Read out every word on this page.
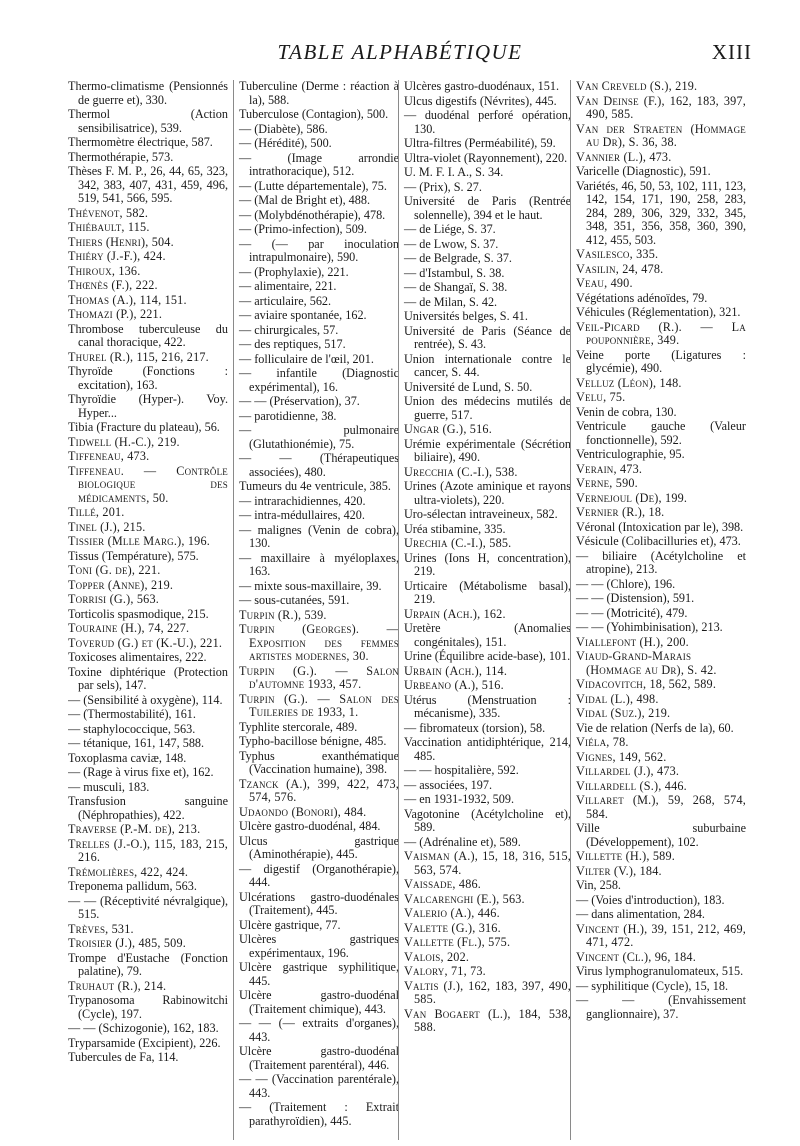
TABLE ALPHABÉTIQUE	XIII
Thermo-climatisme (Pensionnés de guerre et), 330.
Thermol (Action sensibilisatrice), 539.
Thermomètre électrique, 587.
Thermothérapie, 573.
Thèses F. M. P., 26, 44, 65, 323, 342, 383, 407, 431, 459, 496, 519, 541, 566, 595.
Thévenot, 582.
Thiébault, 115.
Thiers (Henri), 504.
Thiéry (J.-F.), 424.
Thiroux, 136.
Thœnès (F.), 222.
Thomas (A.), 114, 151.
Thomazi (P.), 221.
Thrombose tuberculeuse du canal thoracique, 422.
Thurel (R.), 115, 216, 217.
Thyroïde (Fonctions : excitation), 163.
Thyroïdie (Hyper-). Voy. Hyper...
Tibia (Fracture du plateau), 56.
Tidwell (H.-C.), 219.
Tiffeneau, 473.
Tiffeneau. — Contrôle biologique des médicaments, 50.
Tillé, 201.
Tinel (J.), 215.
Tissier (Mlle Marg.), 196.
Tissus (Température), 575.
Toni (G. de), 221.
Topper (Anne), 219.
Torrisi (G.), 563.
Torticolis spasmodique, 215.
Touraine (H.), 74, 227.
Toverud (G.) et (K.-U.), 221.
Toxicoses alimentaires, 222.
Toxine diphtérique (Protection par sels), 147.
— (Sensibilité à oxygène), 114.
— (Thermostabilité), 161.
— staphylococcique, 563.
— tétanique, 161, 147, 588.
Toxoplasma caviæ, 148.
— (Rage à virus fixe et), 162.
— musculi, 183.
Transfusion sanguine (Néphropathies), 422.
Traverse (P.-M. de), 213.
Trelles (J.-O.), 115, 183, 215, 216.
Trémolières, 422, 424.
Treponema pallidum, 563.
— — (Réceptivité névralgique), 515.
Trèves, 531.
Troisier (J.), 485, 509.
Trompe d'Eustache (Fonction palatine), 79.
Truhaut (R.), 214.
Trypanosoma Rabinowitchi (Cycle), 197.
— — (Schizogonie), 162, 183.
Tryparsamide (Excipient), 226.
Tubercules de Fa, 114.
Tuberculine (Derme : réaction à la), 588.
Tuberculose (Contagion), 500.
— (Diabète), 586.
— (Hérédité), 500.
— (Image arrondie intrathoracique), 512.
— (Lutte départementale), 75.
— (Mal de Bright et), 488.
— (Molybdénothérapie), 478.
— (Primo-infection), 509.
— (— par inoculation intrapulmonaire), 590.
— (Prophylaxie), 221.
— alimentaire, 221.
— articulaire, 562.
— aviaire spontanée, 162.
— chirurgicales, 57.
— des reptiques, 517.
— folliculaire de l'œil, 201.
— infantile (Diagnostic expérimental), 16.
— — (Préservation), 37.
— parotidienne, 38.
— pulmonaire (Glutathionémie), 75.
— — (Thérapeutiques associées), 480.
Tumeurs du 4e ventricule, 385.
— intrarachidiennes, 420.
— intra-médullaires, 420.
— malignes (Venin de cobra), 130.
— maxillaire à myéloplaxes, 163.
— mixte sous-maxillaire, 39.
— sous-cutanées, 591.
Turpin (R.), 539.
Turpin (Georges). — Exposition des femmes artistes modernes, 30.
Turpin (G.). — Salon d'automne 1933, 457.
Turpin (G.). — Salon des Tuileries de 1933, 1.
Typhlite stercorale, 489.
Typho-bacillose bénigne, 485.
Typhus exanthématique (Vaccination humaine), 398.
Tzanck (A.), 399, 422, 473, 574, 576.
Udaondo (Bonori), 484.
Ulcère gastro-duodénal, 484.
Ulcus gastrique (Aminothérapie), 445.
— digestif (Organothérapie), 444.
Ulcérations gastro-duodénales (Traitement), 445.
Ulcère gastrique, 77.
Ulcères gastriques expérimentaux, 196.
Ulcère gastrique syphilitique, 445.
Ulcère gastro-duodénal (Traitement chimique), 443.
— — (— extraits d'organes), 443.
Ulcère gastro-duodénal (Traitement parentéral), 446.
— — (Vaccination parentérale), 443.
— (Traitement : Extrait parathyroïdien), 445.
Ulcères gastro-duodénaux, 151.
Ulcus digestifs (Névrites), 445.
— duodénal perforé opération, 130.
Ultra-filtres (Perméabilité), 59.
Ultra-violet (Rayonnement), 220.
U. M. F. I. A., S. 34.
— (Prix), S. 27.
Université de Paris (Rentrée solennelle), 394 et le haut.
— de Liége, S. 37.
— de Lwow, S. 37.
— de Belgrade, S. 37.
— d'Istambul, S. 38.
— de Shangaï, S. 38.
— de Milan, S. 42.
Universités belges, S. 41.
Université de Paris (Séance de rentrée), S. 43.
Union internationale contre le cancer, S. 44.
Université de Lund, S. 50.
Union des médecins mutilés de guerre, 517.
Ungar (G.), 516.
Urémie expérimentale (Sécrétion biliaire), 490.
Urecchia (C.-I.), 538.
Urines (Azote aminique et rayons ultra-violets), 220.
Uro-sélectan intraveineux, 582.
Uréa stibamine, 335.
Urechia (C.-I.), 585.
Urines (Ions H, concentration), 219.
Urticaire (Métabolisme basal), 219.
Urpain (Ach.), 162.
Uretère (Anomalies congénitales), 151.
Urine (Équilibre acide-base), 101.
Urbain (Ach.), 114.
Urbeano (A.), 516.
Utérus (Menstruation : mécanisme), 335.
— fibromateux (torsion), 58.
Vaccination antidiphtérique, 214, 485.
— — hospitalière, 592.
— associées, 197.
— en 1931-1932, 509.
Vagotonine (Acétylcholine et), 589.
— (Adrénaline et), 589.
Vaisman (A.), 15, 18, 316, 515, 563, 574.
Vaissade, 486.
Valcarenghi (E.), 563.
Valerio (A.), 446.
Valette (G.), 316.
Vallette (Fl.), 575.
Valois, 202.
Valory, 71, 73.
Valtis (J.), 162, 183, 397, 490, 585.
Van Bogaert (L.), 184, 538, 588.
Van Creveld (S.), 219.
Van Deinse (F.), 162, 183, 397, 490, 585.
Van der Straeten (Hommage au Dr), S. 36, 38.
Vannier (L.), 473.
Varicelle (Diagnostic), 591.
Variétés, 46, 50, 53, 102, 111, 123, 142, 154, 171, 190, 258, 283, 284, 289, 306, 329, 332, 345, 348, 351, 356, 358, 360, 390, 412, 455, 503.
Vasilesco, 335.
Vasilin, 24, 478.
Veau, 490.
Végétations adénoïdes, 79.
Véhicules (Réglementation), 321.
Veil-Picard (R.). — La pouponnière, 349.
Veine porte (Ligatures : glycémie), 490.
Velluz (Léon), 148.
Velu, 75.
Venin de cobra, 130.
Ventricule gauche (Valeur fonctionnelle), 592.
Ventriculographie, 95.
Verain, 473.
Verne, 590.
Vernejoul (De), 199.
Vernier (R.), 18.
Véronal (Intoxication par le), 398.
Vésicule (Colibacilluries et), 473.
— biliaire (Acétylcholine et atropine), 213.
— — (Chlore), 196.
— — (Distension), 591.
— — (Motricité), 479.
— — (Yohimbinisation), 213.
Viallefont (H.), 200.
Viaud-Grand-Marais (Hommage au Dr), S. 42.
Vidacovitch, 18, 562, 589.
Vidal (L.), 498.
Vidal (Suz.), 219.
Vie de relation (Nerfs de la), 60.
Viéla, 78.
Vignes, 149, 562.
Villardel (J.), 473.
Villardell (S.), 446.
Villaret (M.), 59, 268, 574, 584.
Ville suburbaine (Développement), 102.
Villette (H.), 589.
Vilter (V.), 184.
Vin, 258.
— (Voies d'introduction), 183.
— dans alimentation, 284.
Vincent (H.), 39, 151, 212, 469, 471, 472.
Vincent (Cl.), 96, 184.
Virus lymphogranulomateux, 515.
— syphilitique (Cycle), 15, 18.
— — (Envahissement ganglionnaire), 37.
